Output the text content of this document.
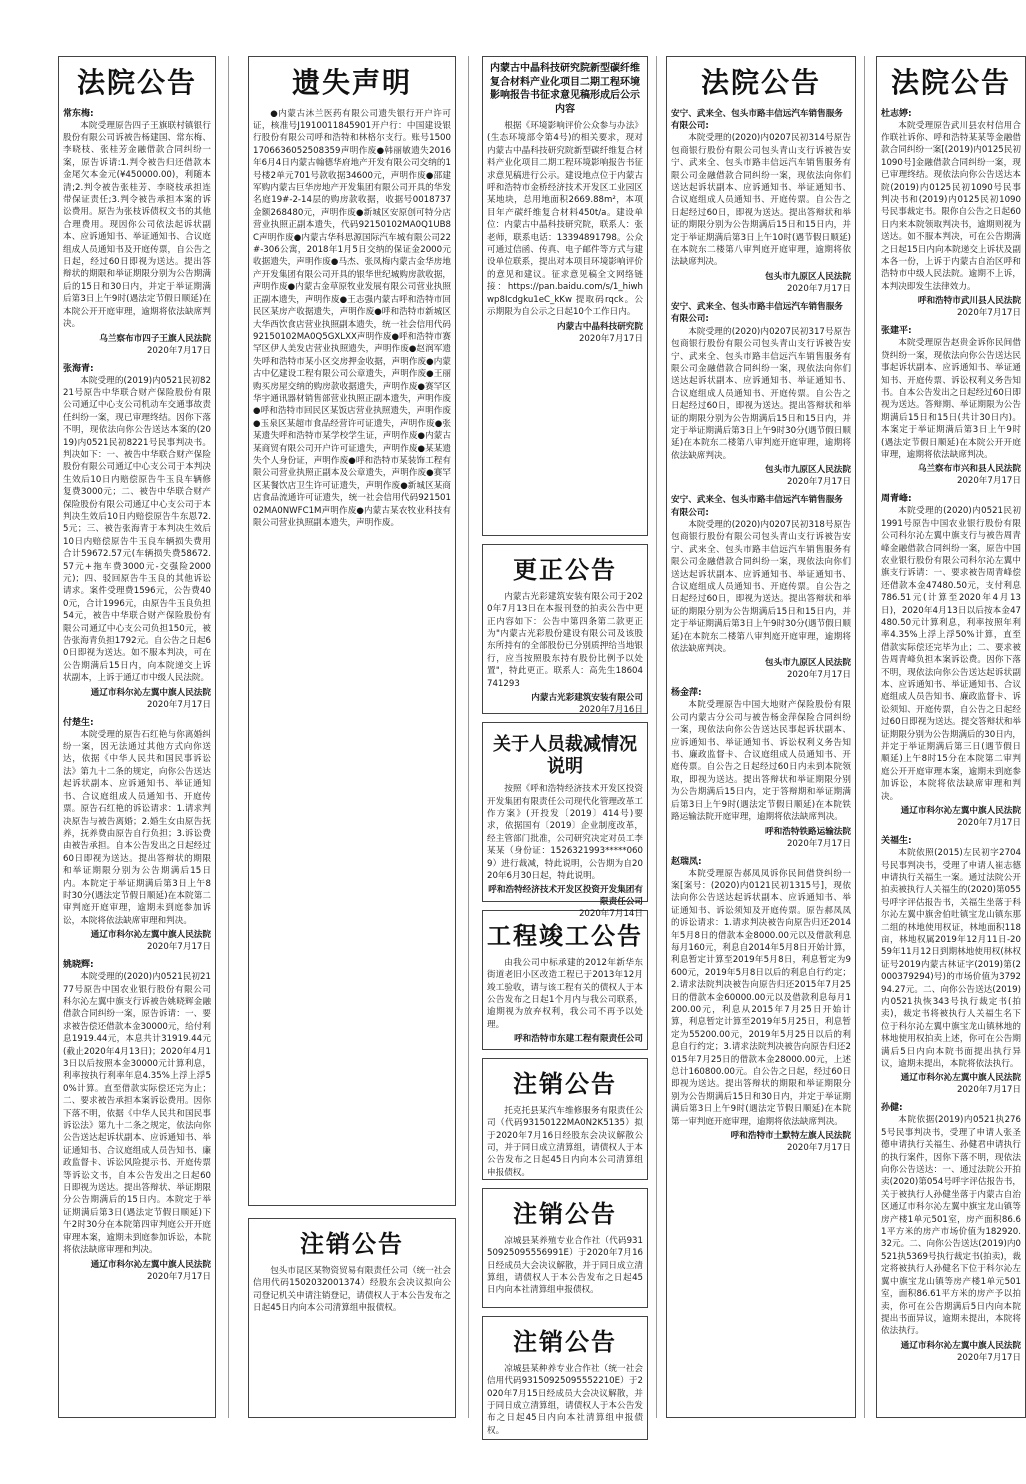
法院公告

常东梅:

本院受理原告四子王旗联村镇银行股份有限公司诉被告杨建国、常东梅、李晓枝、张桂芳金融借款合同纠纷一案，原告诉请:1.判令被告归还借款本金尾欠本金元(¥450000.00)，利随本清;2.判令被告张桂芳、李晓枝承担连带保证责任;3.判令被告承担本案的诉讼费用。原告为张枝诉债权文书的其他合理费用。现因你公司依法起诉状副本、应诉通知书、举证通知书、合议庭组成人员通知书及开庭传票，自公告之日起，经过60日即视为送达。提出答辩状的期限和举证期限分别为公告期满后的15日和30日内，并定于举证期满后第3日上午9时(遇法定节假日顺延)在本院公开开庭审理，逾期将依法缺席判决。

乌兰察布市四子王旗人民法院

2020年7月17日

张海青:

本院受理的(2019)内0521民初8221号原告中华联合财产保险股份有限公司通辽中心支公司机动车交通事故责任纠纷一案，现已审理终结。因你下落不明，现依法向你公告送达本案的(2019)内0521民初8221号民事判决书。判决如下：一、被告中华联合财产保险股份有限公司通辽中心支公司于本判决生效后10日内赔偿原告牛玉良车辆修复费3000元；二、被告中华联合财产保险股份有限公司通辽中心支公司于本判决生效后10日内赔偿原告牛东恩72.5元；三、被告张海青于本判决生效后10日内赔偿原告牛玉良车辆损失费用合计59672.57元(车辆损失费58672.57元+拖车费3000元-交强险2000元)；四、驳回原告牛玉良的其他诉讼请求。案件受理费1596元，公告费400元，合计1996元，由原告牛玉良负担54元，被告中华联合财产保险股份有限公司通辽中心支公司负担150元，被告张海青负担1792元。自公告之日起60日即视为送达。如不服本判决，可在公告期满后15日内，向本院递交上诉状副本，上诉于通辽市中级人民法院。

通辽市科尔沁左翼中旗人民法院

2020年7月17日

付楚生:

本院受理的原告石红艳与你离婚纠纷一案，因无法通过其他方式向你送达，依据《中华人民共和国民事诉讼法》第九十二条的规定，向你公告送达起诉状副本、应诉通知书、举证通知书、合议庭组成人员通知书、开庭传票。原告石红艳的诉讼请求：1.请求判决原告与被告离婚；2.婚生女由原告抚养，抚养费由原告自行负担；3.诉讼费由被告承担。自本公告发出之日起经过60日即视为送达。提出答辩状的期限和举证期限分别为公告期满后15日内。本院定于举证期满后第3日上午8时30分(遇法定节假日顺延)在本院第二审判庭开庭审理，逾期未到庭参加诉讼，本院将依法缺席审理和判决。

通辽市科尔沁左翼中旗人民法院

2020年7月17日

姚晓辉:

本院受理的(2020)内0521民初2177号原告中国农业银行股份有限公司科尔沁左翼中旗支行诉被告姚晓辉金融借款合同纠纷一案，原告诉请：一、要求被告偿还借款本金30000元，给付利息1919.44元，本息共计31919.44元(截止2020年4月13日)；2020年4月13日以后按照本金30000元计算利息，利率按执行利率年息4.35%上浮上浮50%计算。直至借款实际偿还完为止；二、要求被告承担本案诉讼费用。因你下落不明，依据《中华人民共和国民事诉讼法》第九十二条之规定，依法向你公告送达起诉状副本、应诉通知书、举证通知书、合议庭组成人员告知书、廉政监督卡、诉讼风险提示书、开庭传票等诉讼文书，自本公告发出之日起60日即视为送达。提出答辩状、举证期限分公告期满后的15日内。本院定于举证期满后第3日(遇法定节假日顺延)下午2时30分在本院第四审判庭公开开庭审理本案，逾期未到庭参加诉讼，本院将依法缺席审理和判决。

通辽市科尔沁左翼中旗人民法院

2020年7月17日

遗失声明

●内蒙古沐兰医药有限公司遗失银行开户许可证，核准号J1910011845901开户行：中国建设银行股份有限公司呼和浩特和林格尔支行。账号15001706636052508359声明作废●韩丽敏遗失2016年6月4日内蒙古翰德华府地产开发有限公司交纳的1号楼2单元701号款收据34600元，声明作废●邵建军购内蒙古巨华房地产开发集团有限公司开具的华发名庭19#-2-14层的购房款收据，收据号0018737金额268480元，声明作废●新城区安原创可特分店营业执照正副本遗失，代码92150102MA0Q1UB8C声明作废●内蒙古华科思源国际汽车城有限公司22#-306公寓，2018年1月5日交纳的保证金2000元收据遗失，声明作废●马杰、张凤梅内蒙古金华房地产开发集团有限公司开具的银华世纪城购房款收据，声明作废●内蒙古金草原牧业发展有限公司营业执照正副本遗失，声明作废●王志强内蒙古呼和浩特市回民区某房产收据遗失，声明作废●呼和浩特市新城区大华西饮食店营业执照副本遗失，统一社会信用代码92150102MA0Q5GXLXX声明作废●呼和浩特市赛罕区伊人美发店营业执照遗失，声明作废●赵润军遗失呼和浩特市某小区交房押金收据，声明作废●内蒙古中亿建设工程有限公司公章遗失，声明作废●王丽购买房屋交纳的购房款收据遗失，声明作废●赛罕区华宇通讯器材销售部营业执照正副本遗失，声明作废●呼和浩特市回民区某饭店营业执照遗失，声明作废●玉泉区某超市食品经营许可证遗失，声明作废●张某遗失呼和浩特市某学校学生证，声明作废●内蒙古某商贸有限公司开户许可证遗失，声明作废●某某遗失个人身份证，声明作废●呼和浩特市某装饰工程有限公司营业执照正副本及公章遗失，声明作废●赛罕区某餐饮店卫生许可证遗失，声明作废●新城区某商店食品流通许可证遗失，统一社会信用代码92150102MA0NWFC1M声明作废●内蒙古某农牧业科技有限公司营业执照副本遗失，声明作废。

注销公告

包头市昆区某物资贸易有限责任公司（统一社会信用代码1502032001374）经股东会决议拟向公司登记机关申请注销登记，请债权人于本公告发布之日起45日内向本公司清算组申报债权。

内蒙古中晶科技研究院新型碳纤维复合材料产业化项目二期工程环境影响报告书征求意见稿形成后公示内容

根据《环境影响评价公众参与办法》(生态环境部令第4号)的相关要求，现对内蒙古中晶科技研究院新型碳纤维复合材料产业化项目二期工程环境影响报告书征求意见稿进行公示。建设地点位于内蒙古呼和浩特市金桥经济技术开发区工业园区某地块，总用地面积2669.88m²，本项目年产碳纤维复合材料450t/a。建设单位：内蒙古中晶科技研究院，联系人：张老师，联系电话：13394891798。公众可通过信函、传真、电子邮件等方式与建设单位联系，提出对本项目环境影响评价的意见和建议。征求意见稿全文网络链接：https://pan.baidu.com/s/1_hiwhwp8Icdgku1eC_kKw 提取码rqck。公示期限为自公示之日起10个工作日内。

内蒙古中晶科技研究院

2020年7月17日

更正公告

内蒙古光彩建筑安装有限公司于2020年7月13日在本报刊登的拍卖公告中更正内容如下：公告中第四条第二款更正为"内蒙古光彩股份建设有限公司及该股东所持有的全部股份已分别质押给当地银行，应当按照股东持有股份比例予以处置"，特此更正。联系人：高先生18604741293

内蒙古光彩建筑安装有限公司

2020年7月16日

关于人员裁减情况说明

按照《呼和浩特经济技术开发区投资开发集团有限责任公司现代化管理改革工作方案》(开投发〔2019〕414号)要求，依据国有〔2019〕企业制度改革，经主管部门批准，公司研究决定对员工李某某（身份证：1526321993*****0609）进行裁减，特此说明，公告期为自2020年6月30日起，特此说明。

呼和浩特经济技术开发区投资开发集团有限责任公司

2020年7月14日

工程竣工公告

由我公司中标承建的2012年新华东街道老旧小区改造工程已于2013年12月竣工验收，请与该工程有关的债权人于本公告发布之日起1个月内与我公司联系，逾期视为放弃权利，我公司不再予以处理。

呼和浩特市东建工程有限责任公司

注销公告

托克托县某汽车维修服务有限责任公司（代码93150122MA0N2K5135）拟于2020年7月16日经股东会决议解散公司，并于同日成立清算组，请债权人于本公告发布之日起45日内向本公司清算组申报债权。

注销公告

凉城县某养殖专业合作社（代码93150925095556991E）于2020年7月16日经成员大会决议解散，并于同日成立清算组，请债权人于本公告发布之日起45日内向本社清算组申报债权。

注销公告

凉城县某种养专业合作社（统一社会信用代码93150925095552210E）于2020年7月15日经成员大会决议解散，并于同日成立清算组，请债权人于本公告发布之日起45日内向本社清算组申报债权。

法院公告

安宁、武来全、包头市路丰信远汽车销售服务有限公司:

本院受理的(2020)内0207民初314号原告包商银行股份有限公司包头青山支行诉被告安宁、武来全、包头市路丰信远汽车销售服务有限公司金融借款合同纠纷一案，现依法向你们送达起诉状副本、应诉通知书、举证通知书、合议庭组成人员通知书、开庭传票。自公告之日起经过60日，即视为送达。提出答辩状和举证的期限分别为公告期满后15日和15日内，并定于举证期满后第3日上午10时(遇节假日顺延)在本院东二楼第八审判庭开庭审理，逾期将依法缺席判决。

包头市九原区人民法院

2020年7月17日

安宁、武来全、包头市路丰信远汽车销售服务有限公司:

本院受理的(2020)内0207民初317号原告包商银行股份有限公司包头青山支行诉被告安宁、武来全、包头市路丰信远汽车销售服务有限公司金融借款合同纠纷一案，现依法向你们送达起诉状副本、应诉通知书、举证通知书、合议庭组成人员通知书、开庭传票。自公告之日起经过60日，即视为送达。提出答辩状和举证的期限分别为公告期满后15日和15日内，并定于举证期满后第3日上午9时30分(遇节假日顺延)在本院东二楼第八审判庭开庭审理，逾期将依法缺席判决。

包头市九原区人民法院

2020年7月17日

安宁、武来全、包头市路丰信远汽车销售服务有限公司:

本院受理的(2020)内0207民初318号原告包商银行股份有限公司包头青山支行诉被告安宁、武来全、包头市路丰信远汽车销售服务有限公司金融借款合同纠纷一案，现依法向你们送达起诉状副本、应诉通知书、举证通知书、合议庭组成人员通知书、开庭传票。自公告之日起经过60日，即视为送达。提出答辩状和举证的期限分别为公告期满后15日和15日内，并定于举证期满后第3日上午9时30分(遇节假日顺延)在本院东二楼第八审判庭开庭审理，逾期将依法缺席判决。

包头市九原区人民法院

2020年7月17日

杨金萍:

本院受理原告中国大地财产保险股份有限公司内蒙古分公司与被告杨金萍保险合同纠纷一案，现依法向你公告送达民事起诉状副本、应诉通知书、举证通知书、诉讼权利义务告知书、廉政监督卡、合议庭组成人员通知书、开庭传票。自公告之日起经过60日内未到本院领取，即视为送达。提出答辩状和举证期限分别为公告期满后15日内，定于答辩期和举证期满后第3日上午9时(遇法定节假日顺延)在本院铁路运输法院开庭审理，逾期将依法缺席判决。

呼和浩特铁路运输法院

2020年7月17日

赵瑞凤:

本院受理原告郝凤凤诉你民间借贷纠纷一案[案号：(2020)内0121民初1315号]，现依法向你公告送达起诉状副本、应诉通知书、举证通知书、诉讼须知及开庭传票。原告郝凤凤的诉讼请求：1.请求判决被告向原告归还2014年5月8日的借款本金8000.00元以及借款利息每月160元，利息自2014年5月8日开始计算，利息暂定计算至2019年5月8日，利息暂定为9600元，2019年5月8日以后的利息自行约定；2.请求法院判决被告向原告归还2015年7月25日的借款本金60000.00元以及借款利息每月1200.00元，利息从2015年7月25日开始计算，利息暂定计算至2019年5月25日，利息暂定为55200.00元，2019年5月25日以后的利息自行约定；3.请求法院判决被告向原告归还2015年7月25日的借款本金28000.00元，上述总计160800.00元。自公告之日起，经过60日即视为送达。提出答辩状的期限和举证期限分别为公告期满后15日和30日内，并定于举证期满后第3日上午9时(遇法定节假日顺延)在本院第一审判庭开庭审理，逾期将依法缺席判决。

呼和浩特市土默特左旗人民法院

2020年7月17日

法院公告

杜志婷:

本院受理原告武川县农村信用合作联社诉你、呼和浩特某某等金融借款合同纠纷一案[(2019)内0125民初1090号]金融借款合同纠纷一案，现已审理终结。现依法向你公告送达本院(2019)内0125民初1090号民事判决书和(2019)内0125民初1090号民事裁定书。限你自公告之日起60日内来本院领取判决书，逾期则视为送达。如不服本判决，可在公告期满之日起15日内向本院递交上诉状及副本各一份，上诉于内蒙古自治区呼和浩特市中级人民法院。逾期不上诉，本判决即发生法律效力。

呼和浩特市武川县人民法院

2020年7月17日

张建平:

本院受理原告赵贵金诉你民间借贷纠纷一案，现依法向你公告送达民事起诉状副本、应诉通知书、举证通知书、开庭传票、诉讼权利义务告知书。自本公告发出之日起经过60日即视为送达。答辩期、举证期限为公告期满后15日和15日(共计30日内)。本案定于举证期满后第3日上午9时(遇法定节假日顺延)在本院公开开庭审理，逾期将依法缺席判决。

乌兰察布市兴和县人民法院

2020年7月17日

周青峰:

本院受理的(2020)内0521民初1991号原告中国农业银行股份有限公司科尔沁左翼中旗支行与被告周青峰金融借款合同纠纷一案，原告中国农业银行股份有限公司科尔沁左翼中旗支行诉请：一、要求被告周青峰偿还借款本金47480.50元，支付利息786.51元(计算至2020年4月13日)，2020年4月13日以后按本金47480.50元计算利息，利率按照年利率4.35%上浮上浮50%计算，直至借款实际偿还完毕为止；二、要求被告周青峰负担本案诉讼费。因你下落不明，现依法向你公告送达起诉状副本、应诉通知书、举证通知书、合议庭组成人员告知书、廉政监督卡、诉讼须知、开庭传票，自公告之日起经过60日即视为送达。提交答辩状和举证期限分别为公告期满后的30日内，并定于举证期满后第三日(遇节假日顺延)上午8时15分在本院第二审判庭公开开庭审理本案，逾期未到庭参加诉讼，本院将依法缺席审理和判决。

通辽市科尔沁左翼中旗人民法院

2020年7月17日

关福生:

本院依照(2015)左民初字2704号民事判决书，受理了申请人崔志德申请执行关福生一案。通过法院公开拍卖被执行人关福生的(2020)第055号呼字评估报告书，关福生坐落于科尔沁左翼中旗舍伯吐镇宝龙山镇东那二组的林地使用权证，林地面积118亩，林地权属2019年12月11日-2059年11月12日到期林地使用权(林权证号2019内蒙古林证字(2019)第(2000379294)号)的市场价值为379294.27元。二、向你公告送达(2019)内0521执恢343号执行裁定书(拍卖)，裁定书将被执行人关福生名下位于科尔沁左翼中旗宝龙山镇林地的林地使用权拍卖上述，你可在公告期满后5日内向本院书面提出执行异议，逾期未提出，本院将依法执行。

通辽市科尔沁左翼中旗人民法院

2020年7月17日

孙健:

本院依据(2019)内0521执2765号民事判决书，受理了申请人张圣德申请执行关福生、孙健君申请执行的执行案件，因你下落不明，现依法向你公告送达：一、通过法院公开拍卖(2020)第054号呼字评估报告书，关于被执行人孙健坐落于内蒙古自治区通辽市科尔沁左翼中旗宝龙山镇等房产楼1单元501室，房产面积86.61平方米的房产市场价值为182920.32元。二、向你公告送达(2019)内0521执5369号执行裁定书(拍卖)，裁定将被执行人孙健名下位于科尔沁左翼中旗宝龙山镇等房产楼1单元501室，面积86.61平方米的房产予以拍卖，你可在公告期满后5日内向本院提出书面异议，逾期未提出，本院将依法执行。

通辽市科尔沁左翼中旗人民法院

2020年7月17日
